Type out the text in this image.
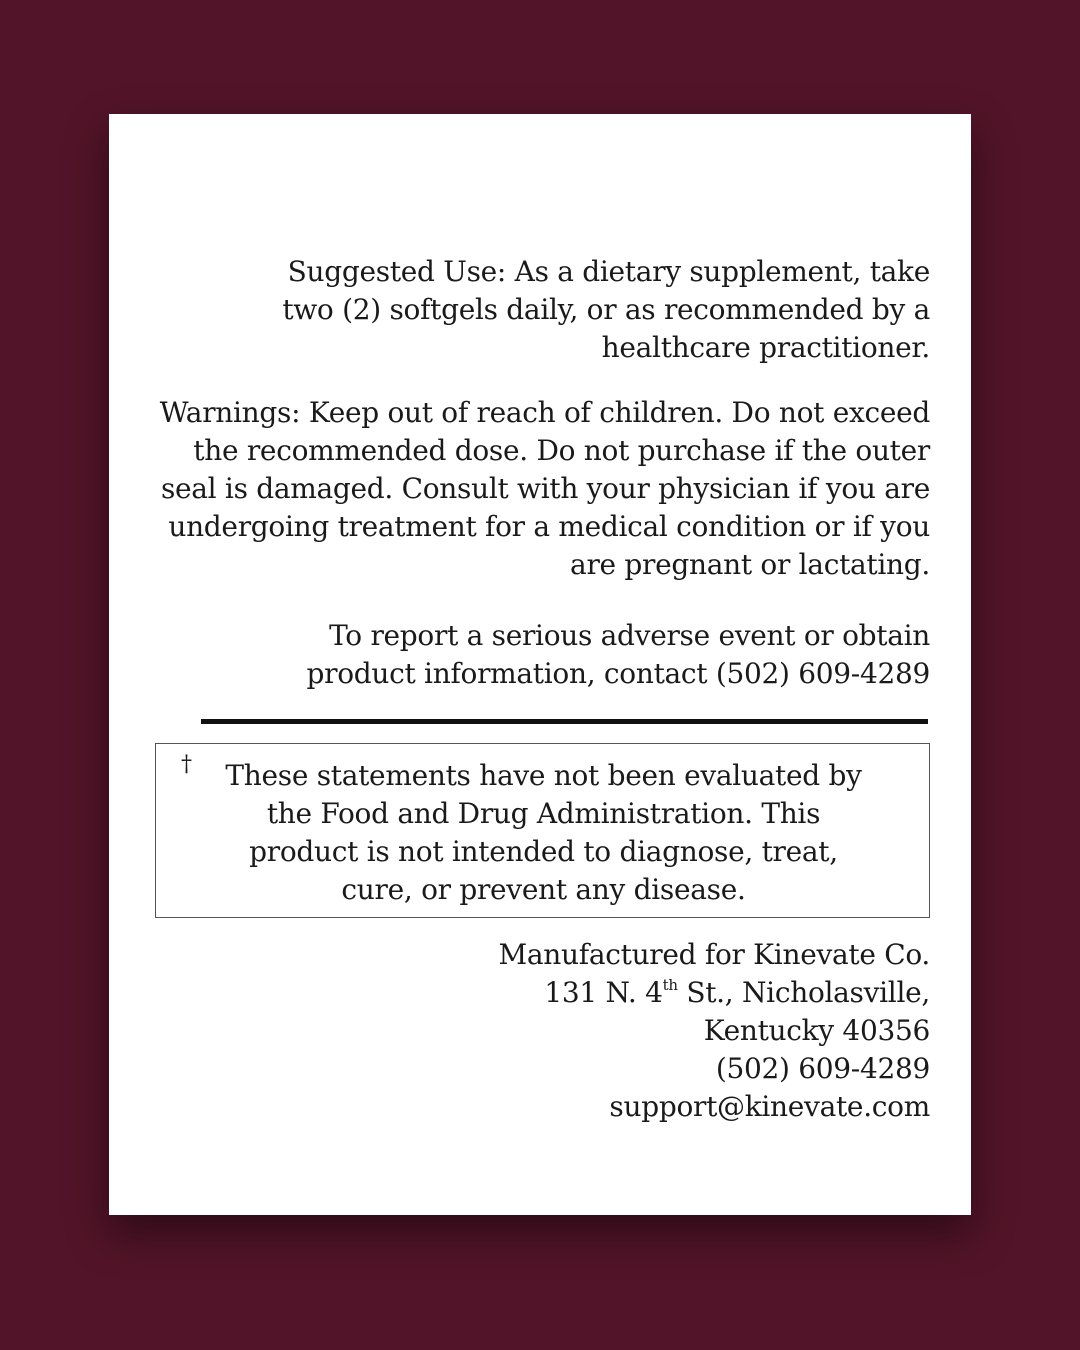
Suggested Use: As a dietary supplement, take
two (2) softgels daily, or as recommended by a
healthcare practitioner.
Warnings: Keep out of reach of children. Do not exceed
the recommended dose. Do not purchase if the outer
seal is damaged. Consult with your physician if you are
undergoing treatment for a medical condition or if you
are pregnant or lactating.
To report a serious adverse event or obtain
product information, contact (502) 609-4289
†	These statements have not been evaluated by
the Food and Drug Administration. This
product is not intended to diagnose, treat,
cure, or prevent any disease.
Manufactured for Kinevate Co.
131 N. 4th St., Nicholasville,
Kentucky 40356
(502) 609-4289
support@kinevate.com
